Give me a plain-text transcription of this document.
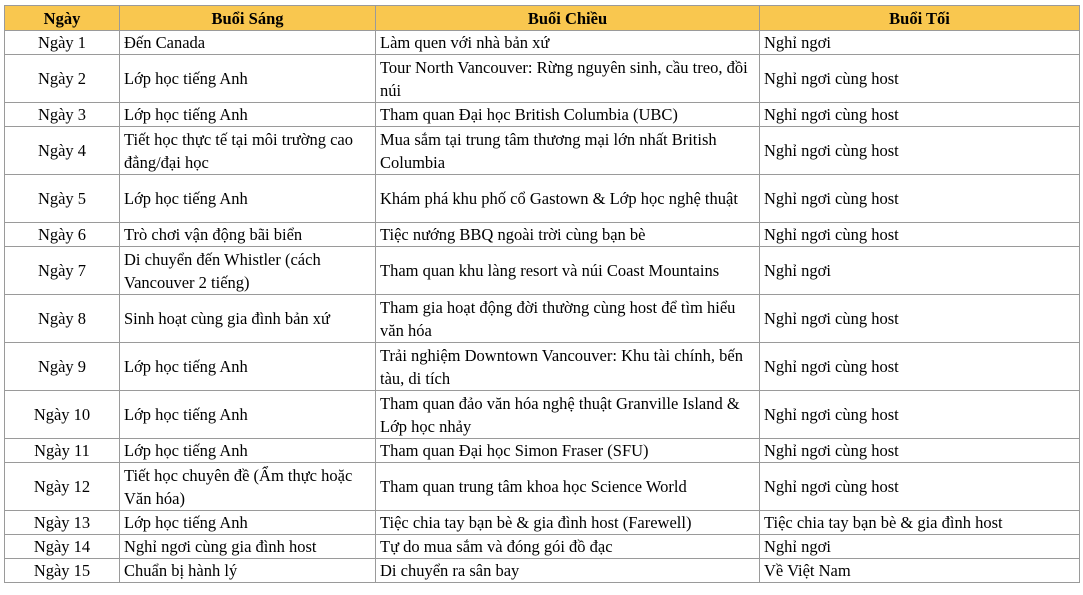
Ngày	Buổi Sáng	Buổi Chiều	Buổi Tối
Ngày 1	Đến Canada	Làm quen với nhà bản xứ	Nghỉ ngơi
Ngày 2	Lớp học tiếng Anh	Tour North Vancouver: Rừng nguyên sinh, cầu treo, đồi núi	Nghỉ ngơi cùng host
Ngày 3	Lớp học tiếng Anh	Tham quan Đại học British Columbia (UBC)	Nghỉ ngơi cùng host
Ngày 4	Tiết học thực tế tại môi trường cao đẳng/đại học	Mua sắm tại trung tâm thương mại lớn nhất British Columbia	Nghỉ ngơi cùng host
Ngày 5	Lớp học tiếng Anh	Khám phá khu phố cổ Gastown & Lớp học nghệ thuật	Nghỉ ngơi cùng host
Ngày 6	Trò chơi vận động bãi biển	Tiệc nướng BBQ ngoài trời cùng bạn bè	Nghỉ ngơi cùng host
Ngày 7	Di chuyển đến Whistler (cách Vancouver 2 tiếng)	Tham quan khu làng resort và núi Coast Mountains	Nghỉ ngơi
Ngày 8	Sinh hoạt cùng gia đình bản xứ	Tham gia hoạt động đời thường cùng host để tìm hiểu văn hóa	Nghỉ ngơi cùng host
Ngày 9	Lớp học tiếng Anh	Trải nghiệm Downtown Vancouver: Khu tài chính, bến tàu, di tích	Nghỉ ngơi cùng host
Ngày 10	Lớp học tiếng Anh	Tham quan đảo văn hóa nghệ thuật Granville Island & Lớp học nhảy	Nghỉ ngơi cùng host
Ngày 11	Lớp học tiếng Anh	Tham quan Đại học Simon Fraser (SFU)	Nghỉ ngơi cùng host
Ngày 12	Tiết học chuyên đề (Ẩm thực hoặc Văn hóa)	Tham quan trung tâm khoa học Science World	Nghỉ ngơi cùng host
Ngày 13	Lớp học tiếng Anh	Tiệc chia tay bạn bè & gia đình host (Farewell)	Tiệc chia tay bạn bè & gia đình host
Ngày 14	Nghỉ ngơi cùng gia đình host	Tự do mua sắm và đóng gói đồ đạc	Nghỉ ngơi
Ngày 15	Chuẩn bị hành lý	Di chuyển ra sân bay	Về Việt Nam
